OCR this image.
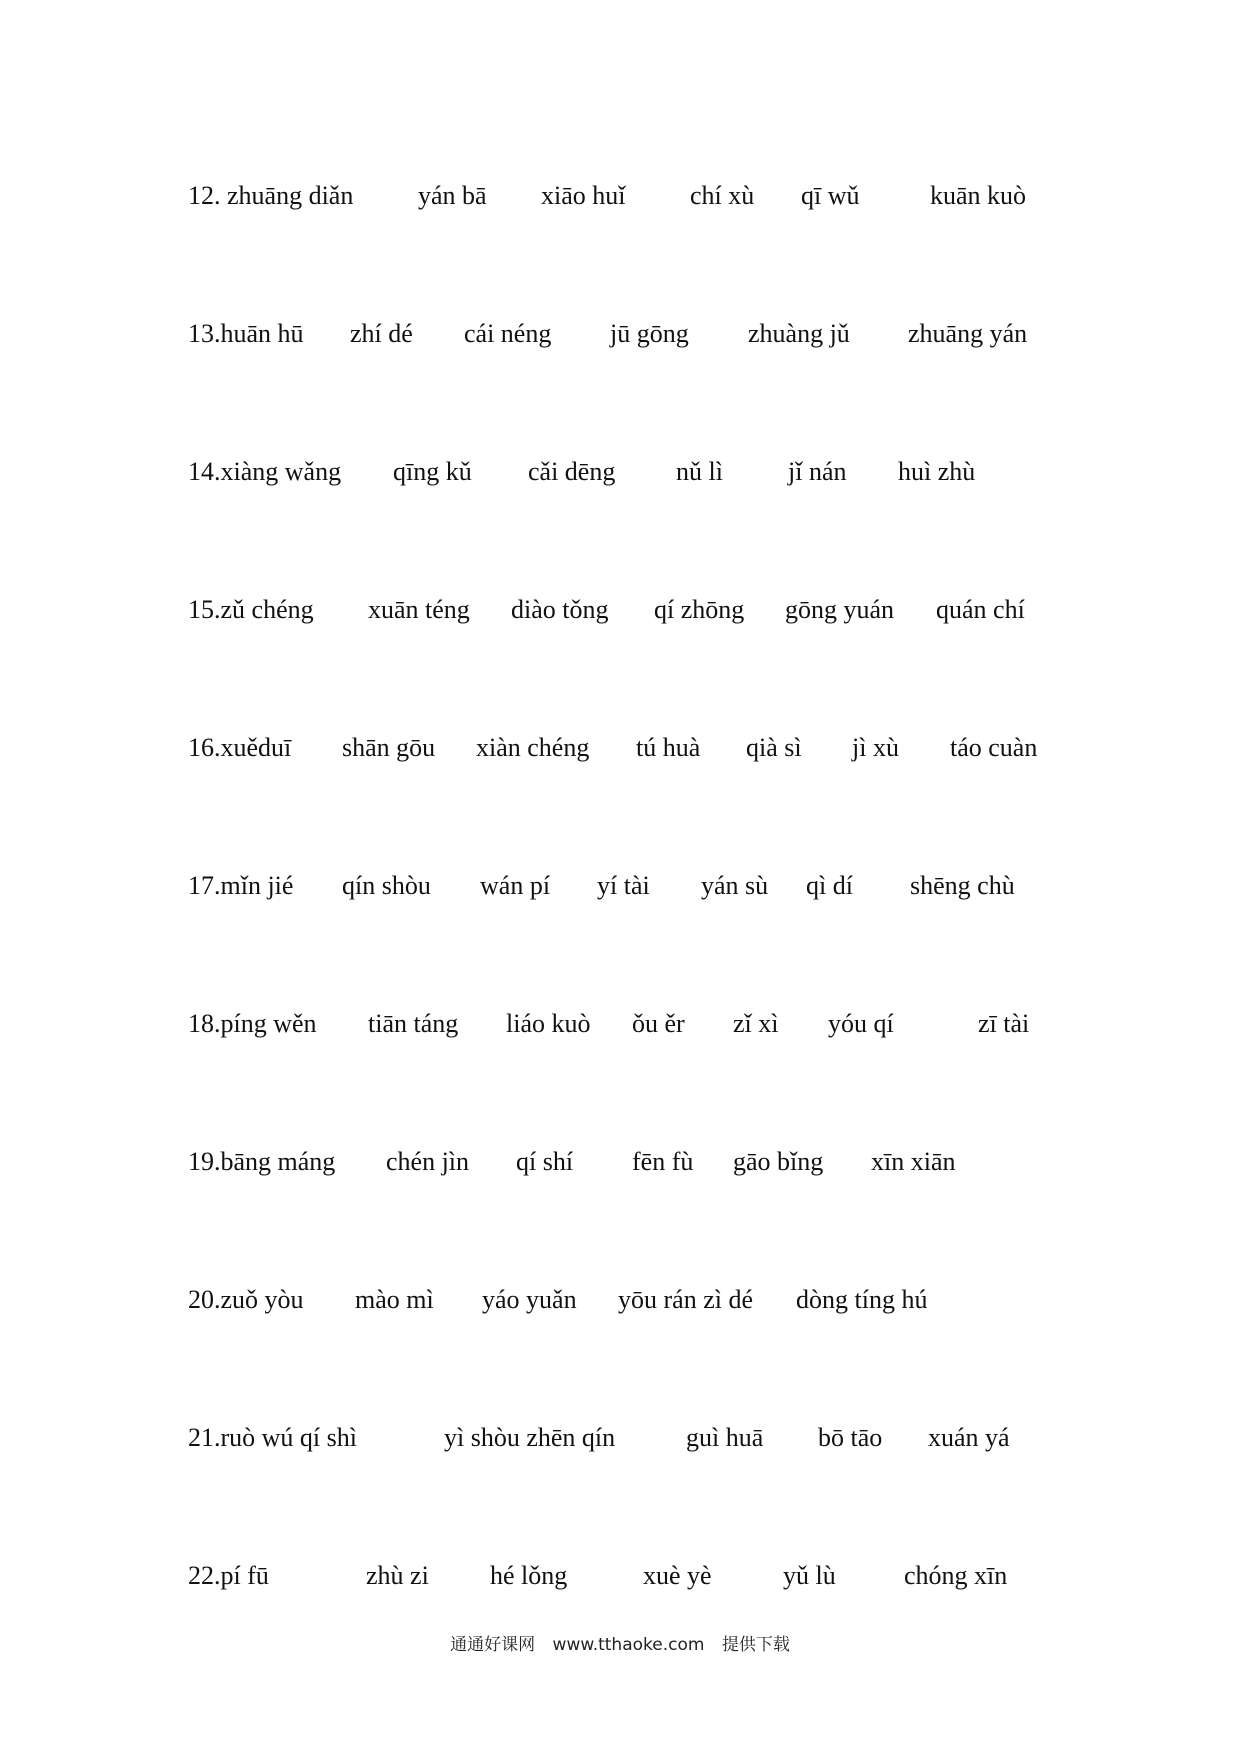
12. zhuāng diǎn yán bā xiāo huǐ chí xù qī wǔ	kuān kuò
13.huān hū zhí dé cái néng jū gōng zhuàng jǔ zhuāng yán
14.xiàng wǎng qīng kǔ cǎi dēng nǔ lì	jǐ nán huì zhù
15.zǔ chéng xuān téng diào tǒng qí zhōng gōng yuán quán chí
16.xuěduī shān gōu xiàn chéng tú huà qià sì jì xù táo cuàn
17.mǐn jié qín shòu wán pí yí tài yán sù qì dí shēng chù
18.píng wěn tiān táng liáo kuò ǒu ěr zǐ xì yóu qí	zī tài
19.bāng máng chén jìn qí shí fēn fù gāo bǐng xīn xiān
20.zuǒ yòu mào mì yáo yuǎn yōu rán zì dé dòng tíng hú
21.ruò wú qí shì	yì shòu zhēn qín	guì huā bō tāo xuán yá
22.pí fū	zhù zi hé lǒng	xuè yè	yǔ lù	chóng xīn
通通好课网 www.tthaoke.com 提供下载
